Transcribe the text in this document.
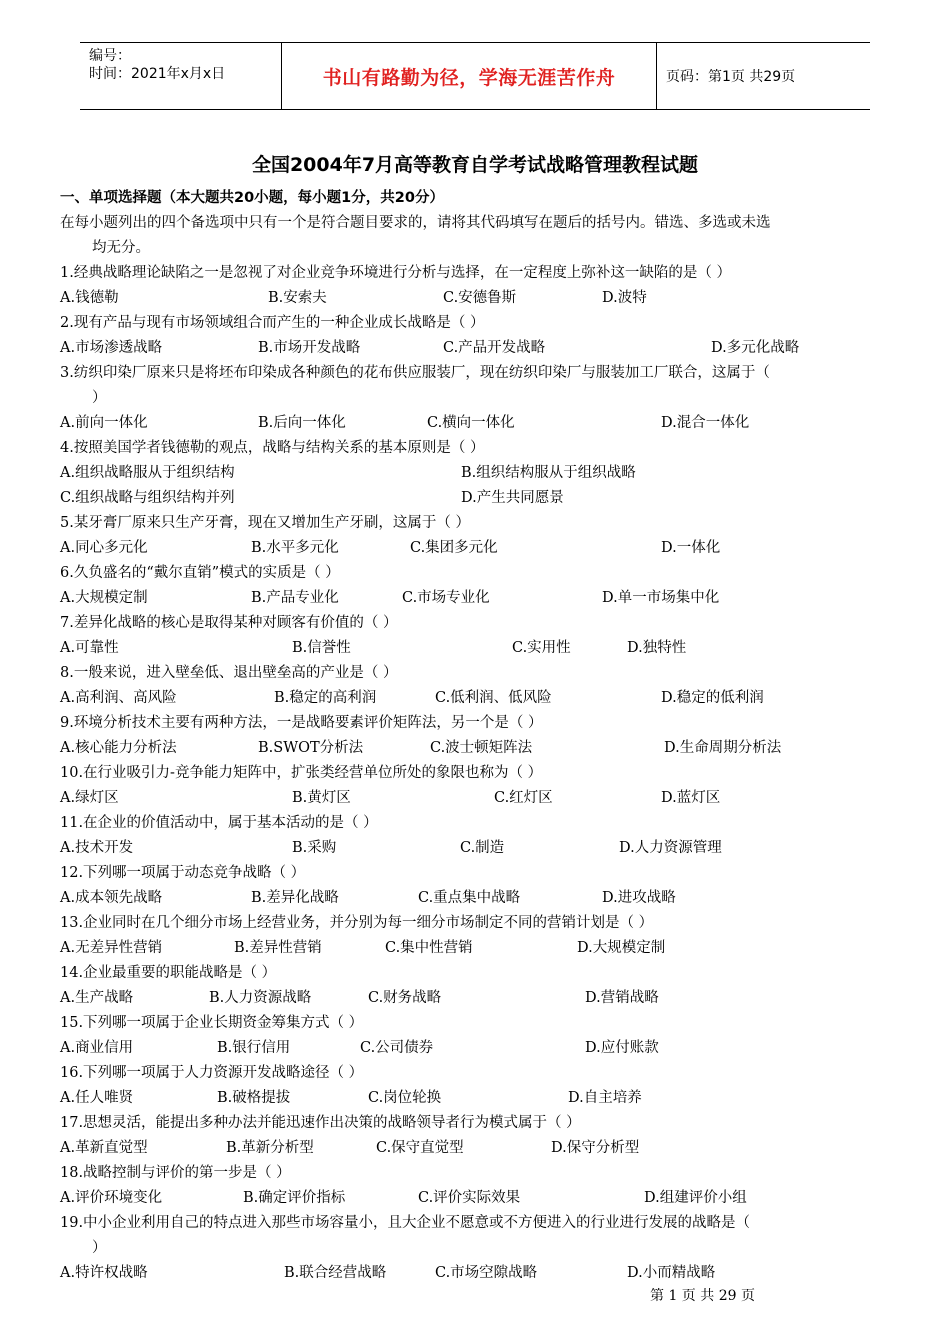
编号：
时间：2021年x月x日	书山有路勤为径，学海无涯苦作舟	页码：第1页 共29页
全国2004年7月高等教育自学考试战略管理教程试题
一、单项选择题（本大题共20小题，每小题1分，共20分）
在每小题列出的四个备选项中只有一个是符合题目要求的，请将其代码填写在题后的括号内。错选、多选或未选
均无分。
1.经典战略理论缺陷之一是忽视了对企业竞争环境进行分析与选择，在一定程度上弥补这一缺陷的是（ ）
A.钱德勒	B.安索夫	C.安德鲁斯	D.波特
2.现有产品与现有市场领域组合而产生的一种企业成长战略是（ ）
A.市场渗透战略	B.市场开发战略	C.产品开发战略	D.多元化战略
3.纺织印染厂原来只是将坯布印染成各种颜色的花布供应服装厂，现在纺织印染厂与服装加工厂联合，这属于（
）
A.前向一体化	B.后向一体化	C.横向一体化	D.混合一体化
4.按照美国学者钱德勒的观点，战略与结构关系的基本原则是（ ）
A.组织战略服从于组织结构	B.组织结构服从于组织战略
C.组织战略与组织结构并列	D.产生共同愿景
5.某牙膏厂原来只生产牙膏，现在又增加生产牙刷，这属于（ ）
A.同心多元化	B.水平多元化	C.集团多元化	D.一体化
6.久负盛名的“戴尔直销”模式的实质是（ ）
A.大规模定制	B.产品专业化	C.市场专业化	D.单一市场集中化
7.差异化战略的核心是取得某种对顾客有价值的（ ）
A.可靠性	B.信誉性	C.实用性	D.独特性
8.一般来说，进入壁垒低、退出壁垒高的产业是（ ）
A.高利润、高风险	B.稳定的高利润	C.低利润、低风险	D.稳定的低利润
9.环境分析技术主要有两种方法，一是战略要素评价矩阵法，另一个是（ ）
A.核心能力分析法	B.SWOT分析法	C.波士顿矩阵法	D.生命周期分析法
10.在行业吸引力-竞争能力矩阵中，扩张类经营单位所处的象限也称为（ ）
A.绿灯区	B.黄灯区	C.红灯区	D.蓝灯区
11.在企业的价值活动中，属于基本活动的是（ ）
A.技术开发	B.采购	C.制造	D.人力资源管理
12.下列哪一项属于动态竞争战略（ ）
A.成本领先战略	B.差异化战略	C.重点集中战略	D.进攻战略
13.企业同时在几个细分市场上经营业务，并分别为每一细分市场制定不同的营销计划是（ ）
A.无差异性营销	B.差异性营销	C.集中性营销	D.大规模定制
14.企业最重要的职能战略是（ ）
A.生产战略	B.人力资源战略	C.财务战略	D.营销战略
15.下列哪一项属于企业长期资金筹集方式（ ）
A.商业信用	B.银行信用	C.公司债券	D.应付账款
16.下列哪一项属于人力资源开发战略途径（ ）
A.任人唯贤	B.破格提拔	C.岗位轮换	D.自主培养
17.思想灵活，能提出多种办法并能迅速作出决策的战略领导者行为模式属于（ ）
A.革新直觉型	B.革新分析型	C.保守直觉型	D.保守分析型
18.战略控制与评价的第一步是（ ）
A.评价环境变化	B.确定评价指标	C.评价实际效果	D.组建评价小组
19.中小企业利用自己的特点进入那些市场容量小，且大企业不愿意或不方便进入的行业进行发展的战略是（
）
A.特许权战略	B.联合经营战略	C.市场空隙战略	D.小而精战略
第 1 页 共 29 页
